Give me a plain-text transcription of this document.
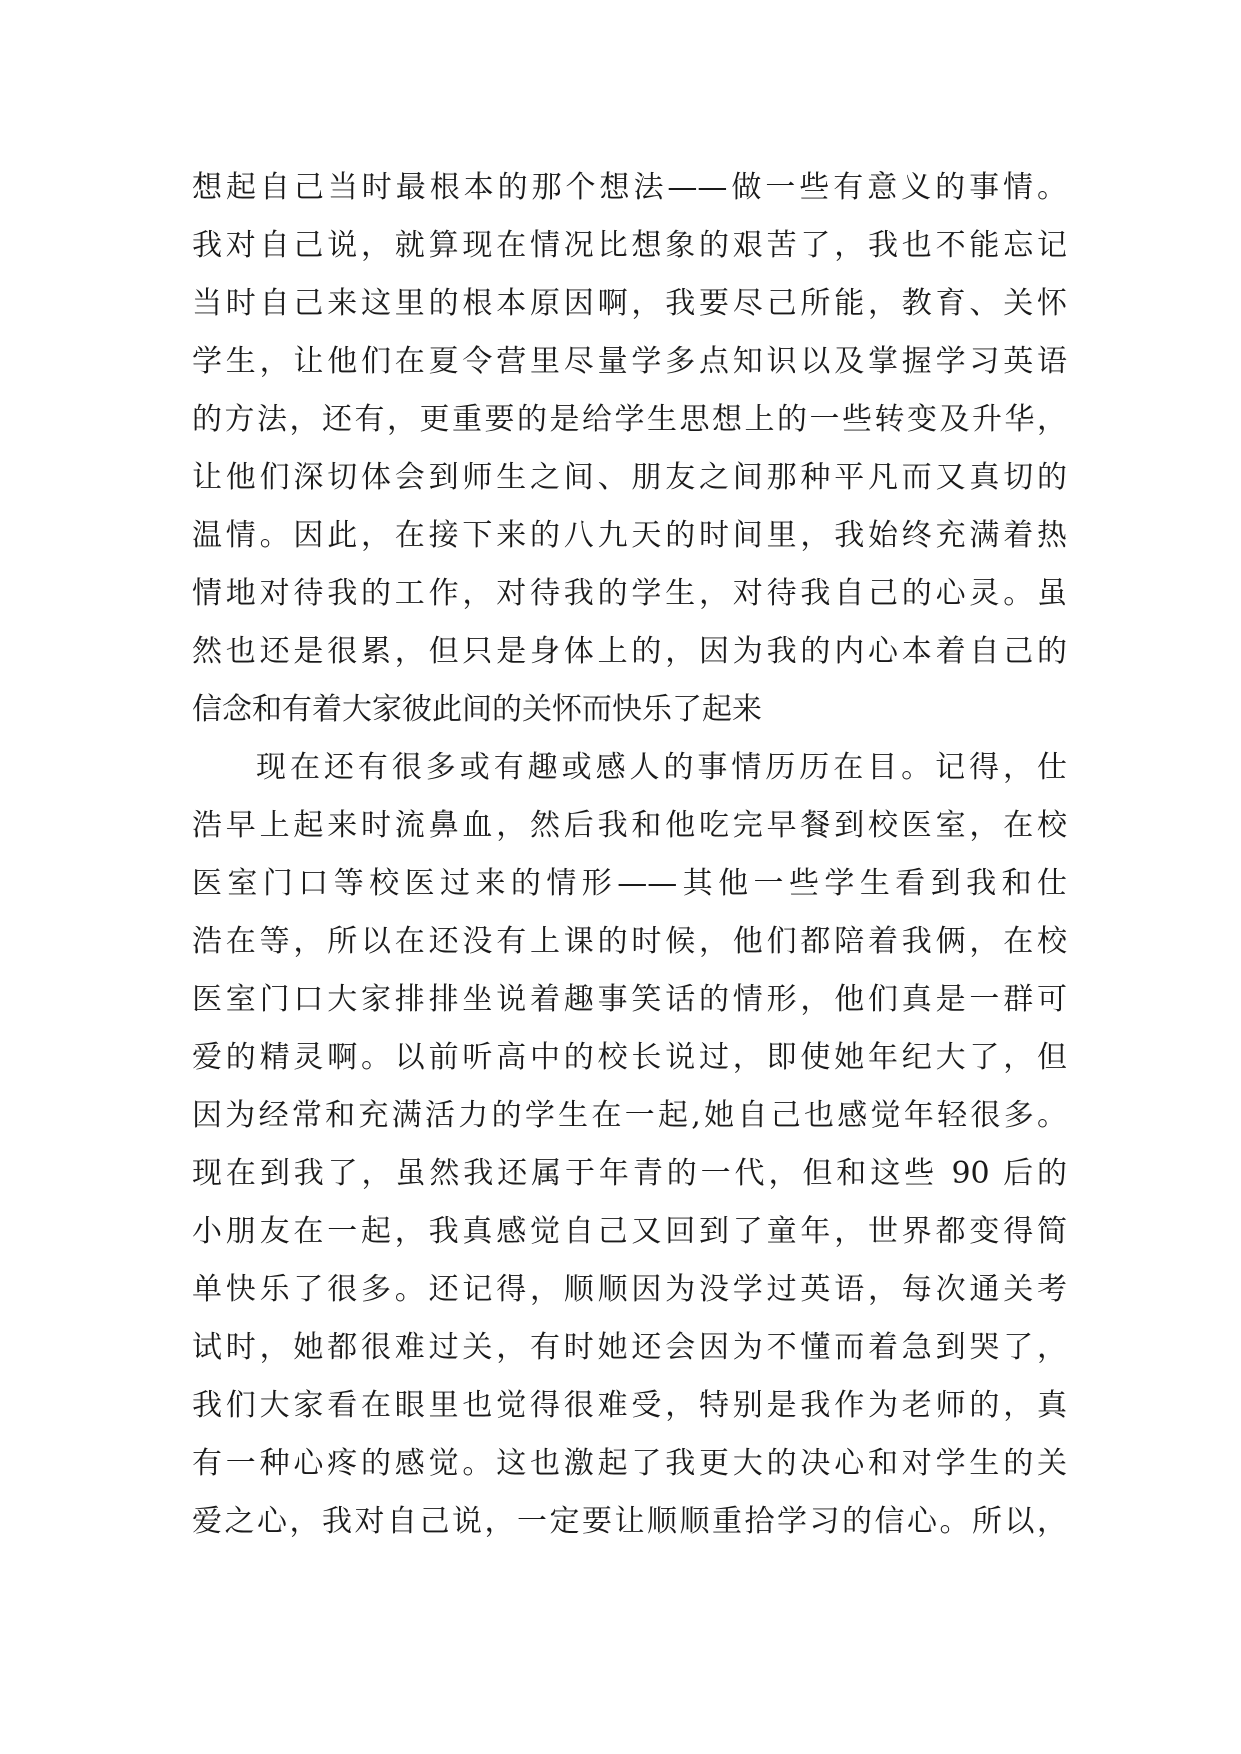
想起自己当时最根本的那个想法——做一些有意义的事情。
我对自己说，就算现在情况比想象的艰苦了，我也不能忘记
当时自己来这里的根本原因啊，我要尽己所能，教育、关怀
学生，让他们在夏令营里尽量学多点知识以及掌握学习英语
的方法，还有，更重要的是给学生思想上的一些转变及升华，
让他们深切体会到师生之间、朋友之间那种平凡而又真切的
温情。因此，在接下来的八九天的时间里，我始终充满着热
情地对待我的工作，对待我的学生，对待我自己的心灵。虽
然也还是很累，但只是身体上的，因为我的内心本着自己的
信念和有着大家彼此间的关怀而快乐了起来
现在还有很多或有趣或感人的事情历历在目。记得，仕
浩早上起来时流鼻血，然后我和他吃完早餐到校医室，在校
医室门口等校医过来的情形——其他一些学生看到我和仕
浩在等，所以在还没有上课的时候，他们都陪着我俩，在校
医室门口大家排排坐说着趣事笑话的情形，他们真是一群可
爱的精灵啊。以前听高中的校长说过，即使她年纪大了，但
因为经常和充满活力的学生在一起,她自己也感觉年轻很多。
现在到我了，虽然我还属于年青的一代，但和这些 90 后的
小朋友在一起，我真感觉自己又回到了童年，世界都变得简
单快乐了很多。还记得，顺顺因为没学过英语，每次通关考
试时，她都很难过关，有时她还会因为不懂而着急到哭了，
我们大家看在眼里也觉得很难受，特别是我作为老师的，真
有一种心疼的感觉。这也激起了我更大的决心和对学生的关
爱之心，我对自己说，一定要让顺顺重拾学习的信心。所以，
